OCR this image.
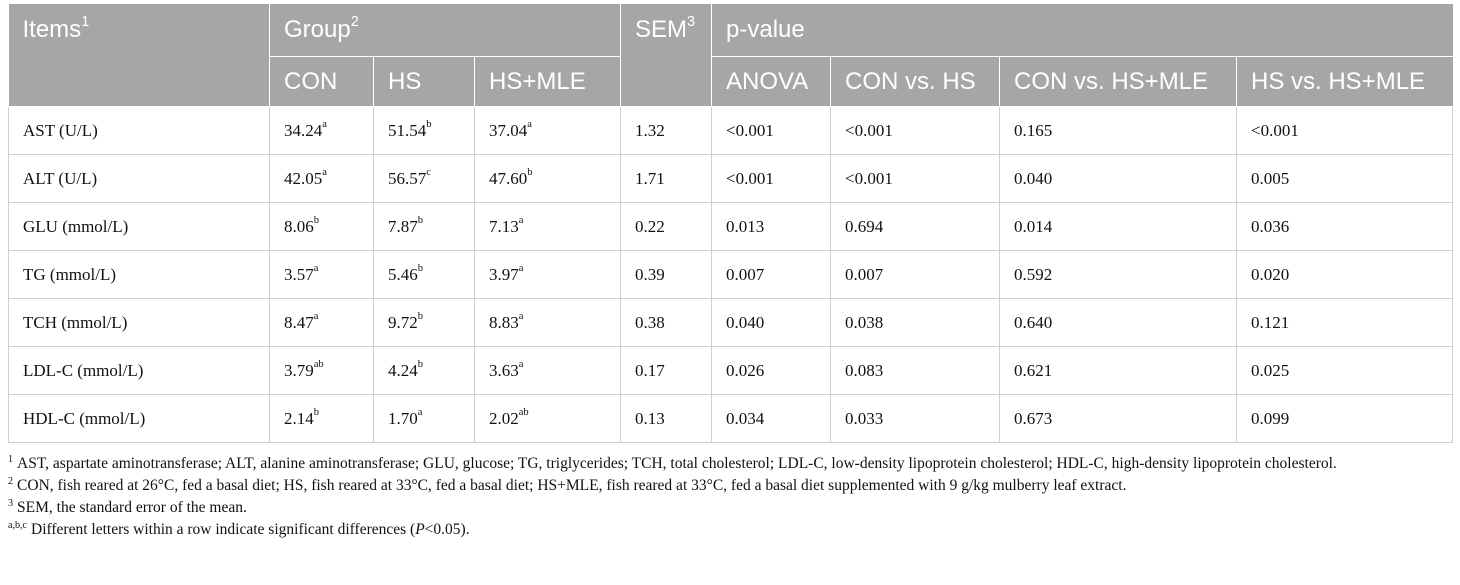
Items$^1$	Group$^2$			SEM$^3$	p-value			
	CON	HS	HS+MLE		ANOVA	CON vs. HS	CON vs. HS+MLE	HS vs. HS+MLE
AST (U/L)	34.24$^a$	51.54$^b$	37.04$^a$	1.32	<0.001	<0.001	0.165	<0.001
ALT (U/L)	42.05$^a$	56.57$^c$	47.60$^b$	1.71	<0.001	<0.001	0.040	0.005
GLU (mmol/L)	8.06$^b$	7.87$^b$	7.13$^a$	0.22	0.013	0.694	0.014	0.036
TG (mmol/L)	3.57$^a$	5.46$^b$	3.97$^a$	0.39	0.007	0.007	0.592	0.020
TCH (mmol/L)	8.47$^a$	9.72$^b$	8.83$^a$	0.38	0.040	0.038	0.640	0.121
LDL-C (mmol/L)	3.79$^{ab}$	4.24$^b$	3.63$^a$	0.17	0.026	0.083	0.621	0.025
HDL-C (mmol/L)	2.14$^b$	1.70$^a$	2.02$^{ab}$	0.13	0.034	0.033	0.673	0.099

$^1$ AST, aspartate aminotransferase; ALT, alanine aminotransferase; GLU, glucose; TG, triglycerides; TCH, total cholesterol; LDL-C, low-density lipoprotein cholesterol; HDL-C, high-density lipoprotein cholesterol.

$^2$ CON, fish reared at 26°C, fed a basal diet; HS, fish reared at 33°C, fed a basal diet; HS+MLE, fish reared at 33°C, fed a basal diet supplemented with 9 g/kg mulberry leaf extract.

$^3$ SEM, the standard error of the mean.

$^{a,b,c}$ Different letters within a row indicate significant differences (P<0.05).
